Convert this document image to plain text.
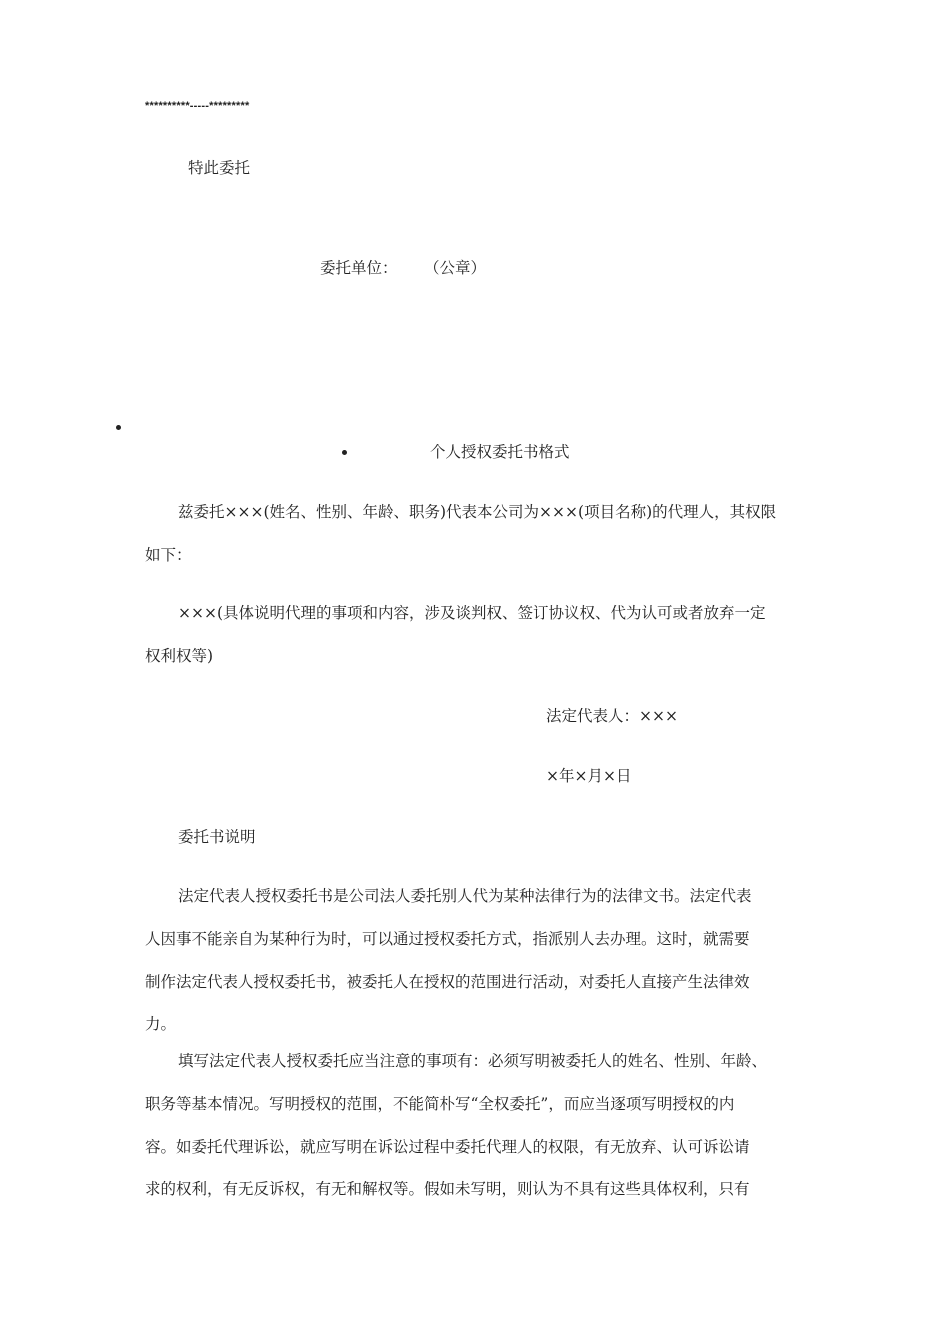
**********-----*********
特此委托
委托单位： （公章）
个人授权委托书格式
兹委托×××(姓名、性别、年龄、职务)代表本公司为×××(项目名称)的代理人，其权限
如下：
×××(具体说明代理的事项和内容，涉及谈判权、签订协议权、代为认可或者放弃一定
权利权等)
法定代表人：×××
×年×月×日
委托书说明
法定代表人授权委托书是公司法人委托别人代为某种法律行为的法律文书。法定代表
人因事不能亲自为某种行为时，可以通过授权委托方式，指派别人去办理。这时，就需要
制作法定代表人授权委托书，被委托人在授权的范围进行活动，对委托人直接产生法律效
力。
填写法定代表人授权委托应当注意的事项有：必须写明被委托人的姓名、性别、年龄、
职务等基本情况。写明授权的范围，不能简朴写“全权委托”，而应当逐项写明授权的内
容。如委托代理诉讼，就应写明在诉讼过程中委托代理人的权限，有无放弃、认可诉讼请
求的权利，有无反诉权，有无和解权等。假如未写明，则认为不具有这些具体权利，只有
